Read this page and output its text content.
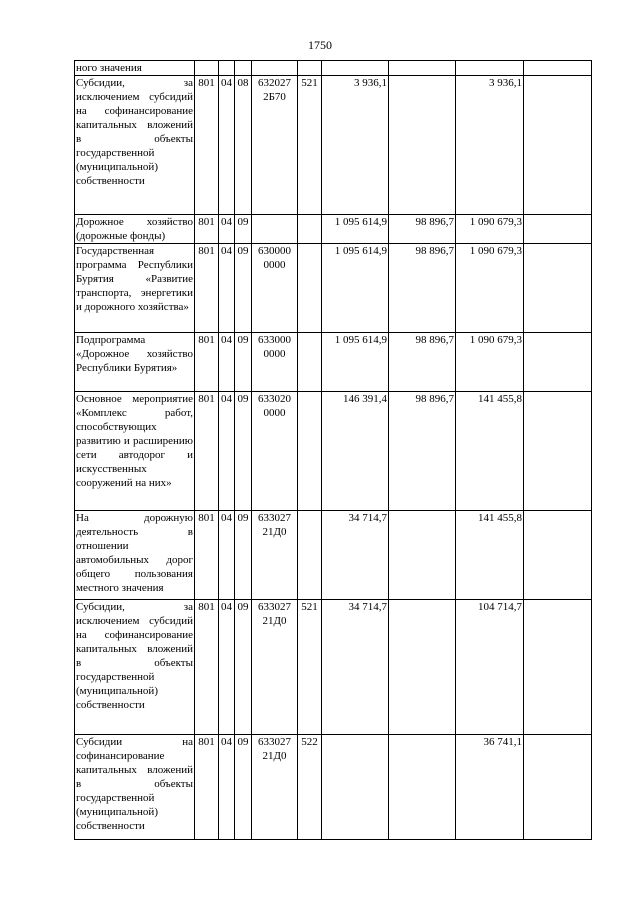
1750
ного значения									
Субсидии, за исключением субсидий на софинансирование капитальных вложений в объекты государственной (муниципальной) собственности	801	04	08	632027 2Б70	521	3 936,1		3 936,1	
Дорожное хозяйство (дорожные фонды)	801	04	09			1 095 614,9	98 896,7	1 090 679,3	
Государственная программа Республики Бурятия «Развитие транспорта, энергетики и дорожного хозяйства»	801	04	09	630000 0000		1 095 614,9	98 896,7	1 090 679,3	
Подпрограмма «Дорожное хозяйство Республики Бурятия»	801	04	09	633000 0000		1 095 614,9	98 896,7	1 090 679,3	
Основное мероприятие «Комплекс работ, способствующих развитию и расширению сети автодорог и искусственных сооружений на них»	801	04	09	633020 0000		146 391,4	98 896,7	141 455,8	
На дорожную деятельность в отношении автомобильных дорог общего пользования местного значения	801	04	09	633027 21Д0		34 714,7		141 455,8	
Субсидии, за исключением субсидий на софинансирование капитальных вложений в объекты государственной (муниципальной) собственности	801	04	09	633027 21Д0	521	34 714,7		104 714,7	
Субсидии на софинансирование капитальных вложений в объекты государственной (муниципальной) собственности	801	04	09	633027 21Д0	522			36 741,1	
